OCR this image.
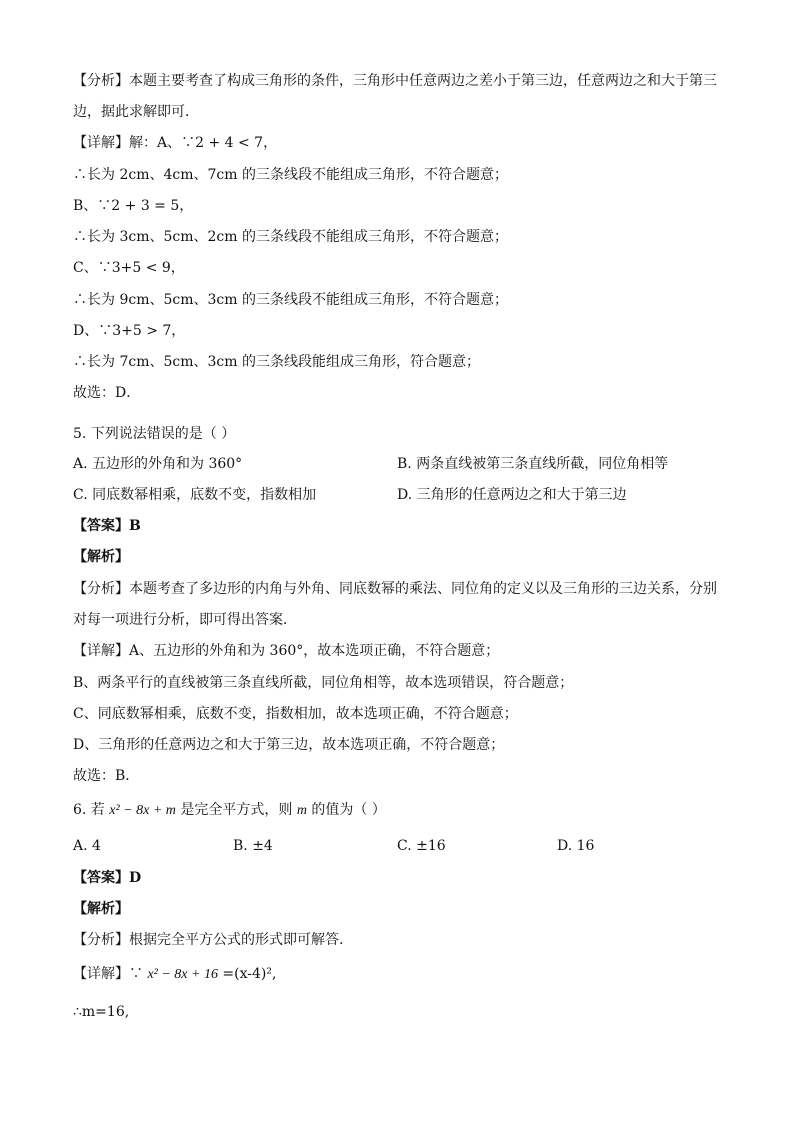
【分析】本题主要考查了构成三角形的条件，三角形中任意两边之差小于第三边，任意两边之和大于第三
边，据此求解即可．
【详解】解：A、∵2 + 4 < 7，
∴长为 2cm、4cm、7cm 的三条线段不能组成三角形，不符合题意；
B、∵2 + 3 = 5，
∴长为 3cm、5cm、2cm 的三条线段不能组成三角形，不符合题意；
C、∵3+5 < 9，
∴长为 9cm、5cm、3cm 的三条线段不能组成三角形，不符合题意；
D、∵3+5 > 7，
∴长为 7cm、5cm、3cm 的三条线段能组成三角形，符合题意；
故选：D．
5. 下列说法错误的是（ ）
A. 五边形的外角和为 360°	B. 两条直线被第三条直线所截，同位角相等
C. 同底数幂相乘，底数不变，指数相加	D. 三角形的任意两边之和大于第三边
【答案】B
【解析】
【分析】本题考查了多边形的内角与外角、同底数幂的乘法、同位角的定义以及三角形的三边关系，分别
对每一项进行分析，即可得出答案．
【详解】A、五边形的外角和为 360°，故本选项正确，不符合题意；
B、两条平行的直线被第三条直线所截，同位角相等，故本选项错误，符合题意；
C、同底数幂相乘，底数不变，指数相加，故本选项正确，不符合题意；
D、三角形的任意两边之和大于第三边，故本选项正确，不符合题意；
故选：B．
6. 若 x² − 8x + m 是完全平方式，则 m 的值为（ ）
A. 4	B. ±4	C. ±16	D. 16
【答案】D
【解析】
【分析】根据完全平方公式的形式即可解答.
【详解】∵ x² − 8x + 16 =(x-4)²,
∴m=16,
